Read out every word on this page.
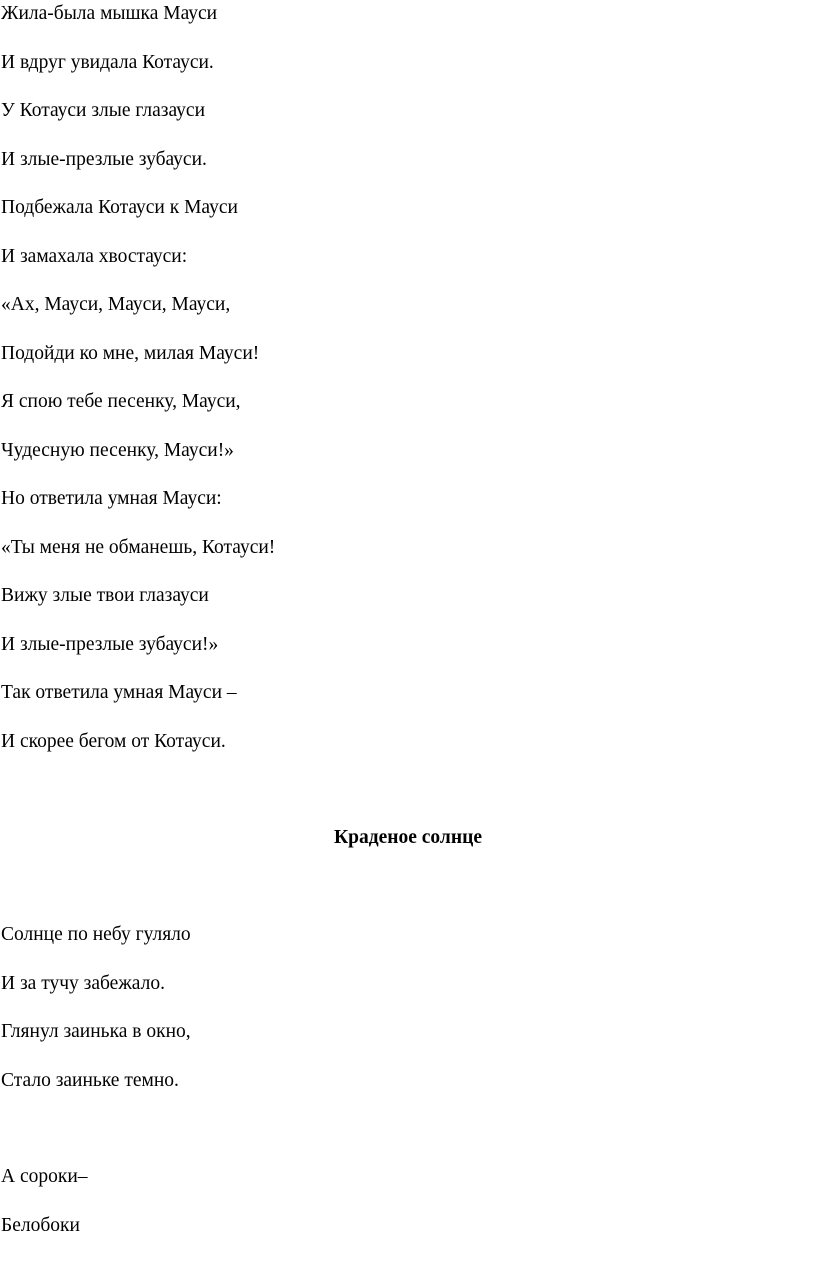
Жила-была мышка Мауси
И вдруг увидала Котауси.
У Котауси злые глазауси
И злые-презлые зубауси.
Подбежала Котауси к Мауси
И замахала хвостауси:
«Ах, Мауси, Мауси, Мауси,
Подойди ко мне, милая Мауси!
Я спою тебе песенку, Мауси,
Чудесную песенку, Мауси!»
Но ответила умная Мауси:
«Ты меня не обманешь, Котауси!
Вижу злые твои глазауси
И злые-презлые зубауси!»
Так ответила умная Мауси –
И скорее бегом от Котауси.
Краденое солнце
Солнце по небу гуляло
И за тучу забежало.
Глянул заинька в окно,
Стало заиньке темно.
А сороки–
Белобоки
